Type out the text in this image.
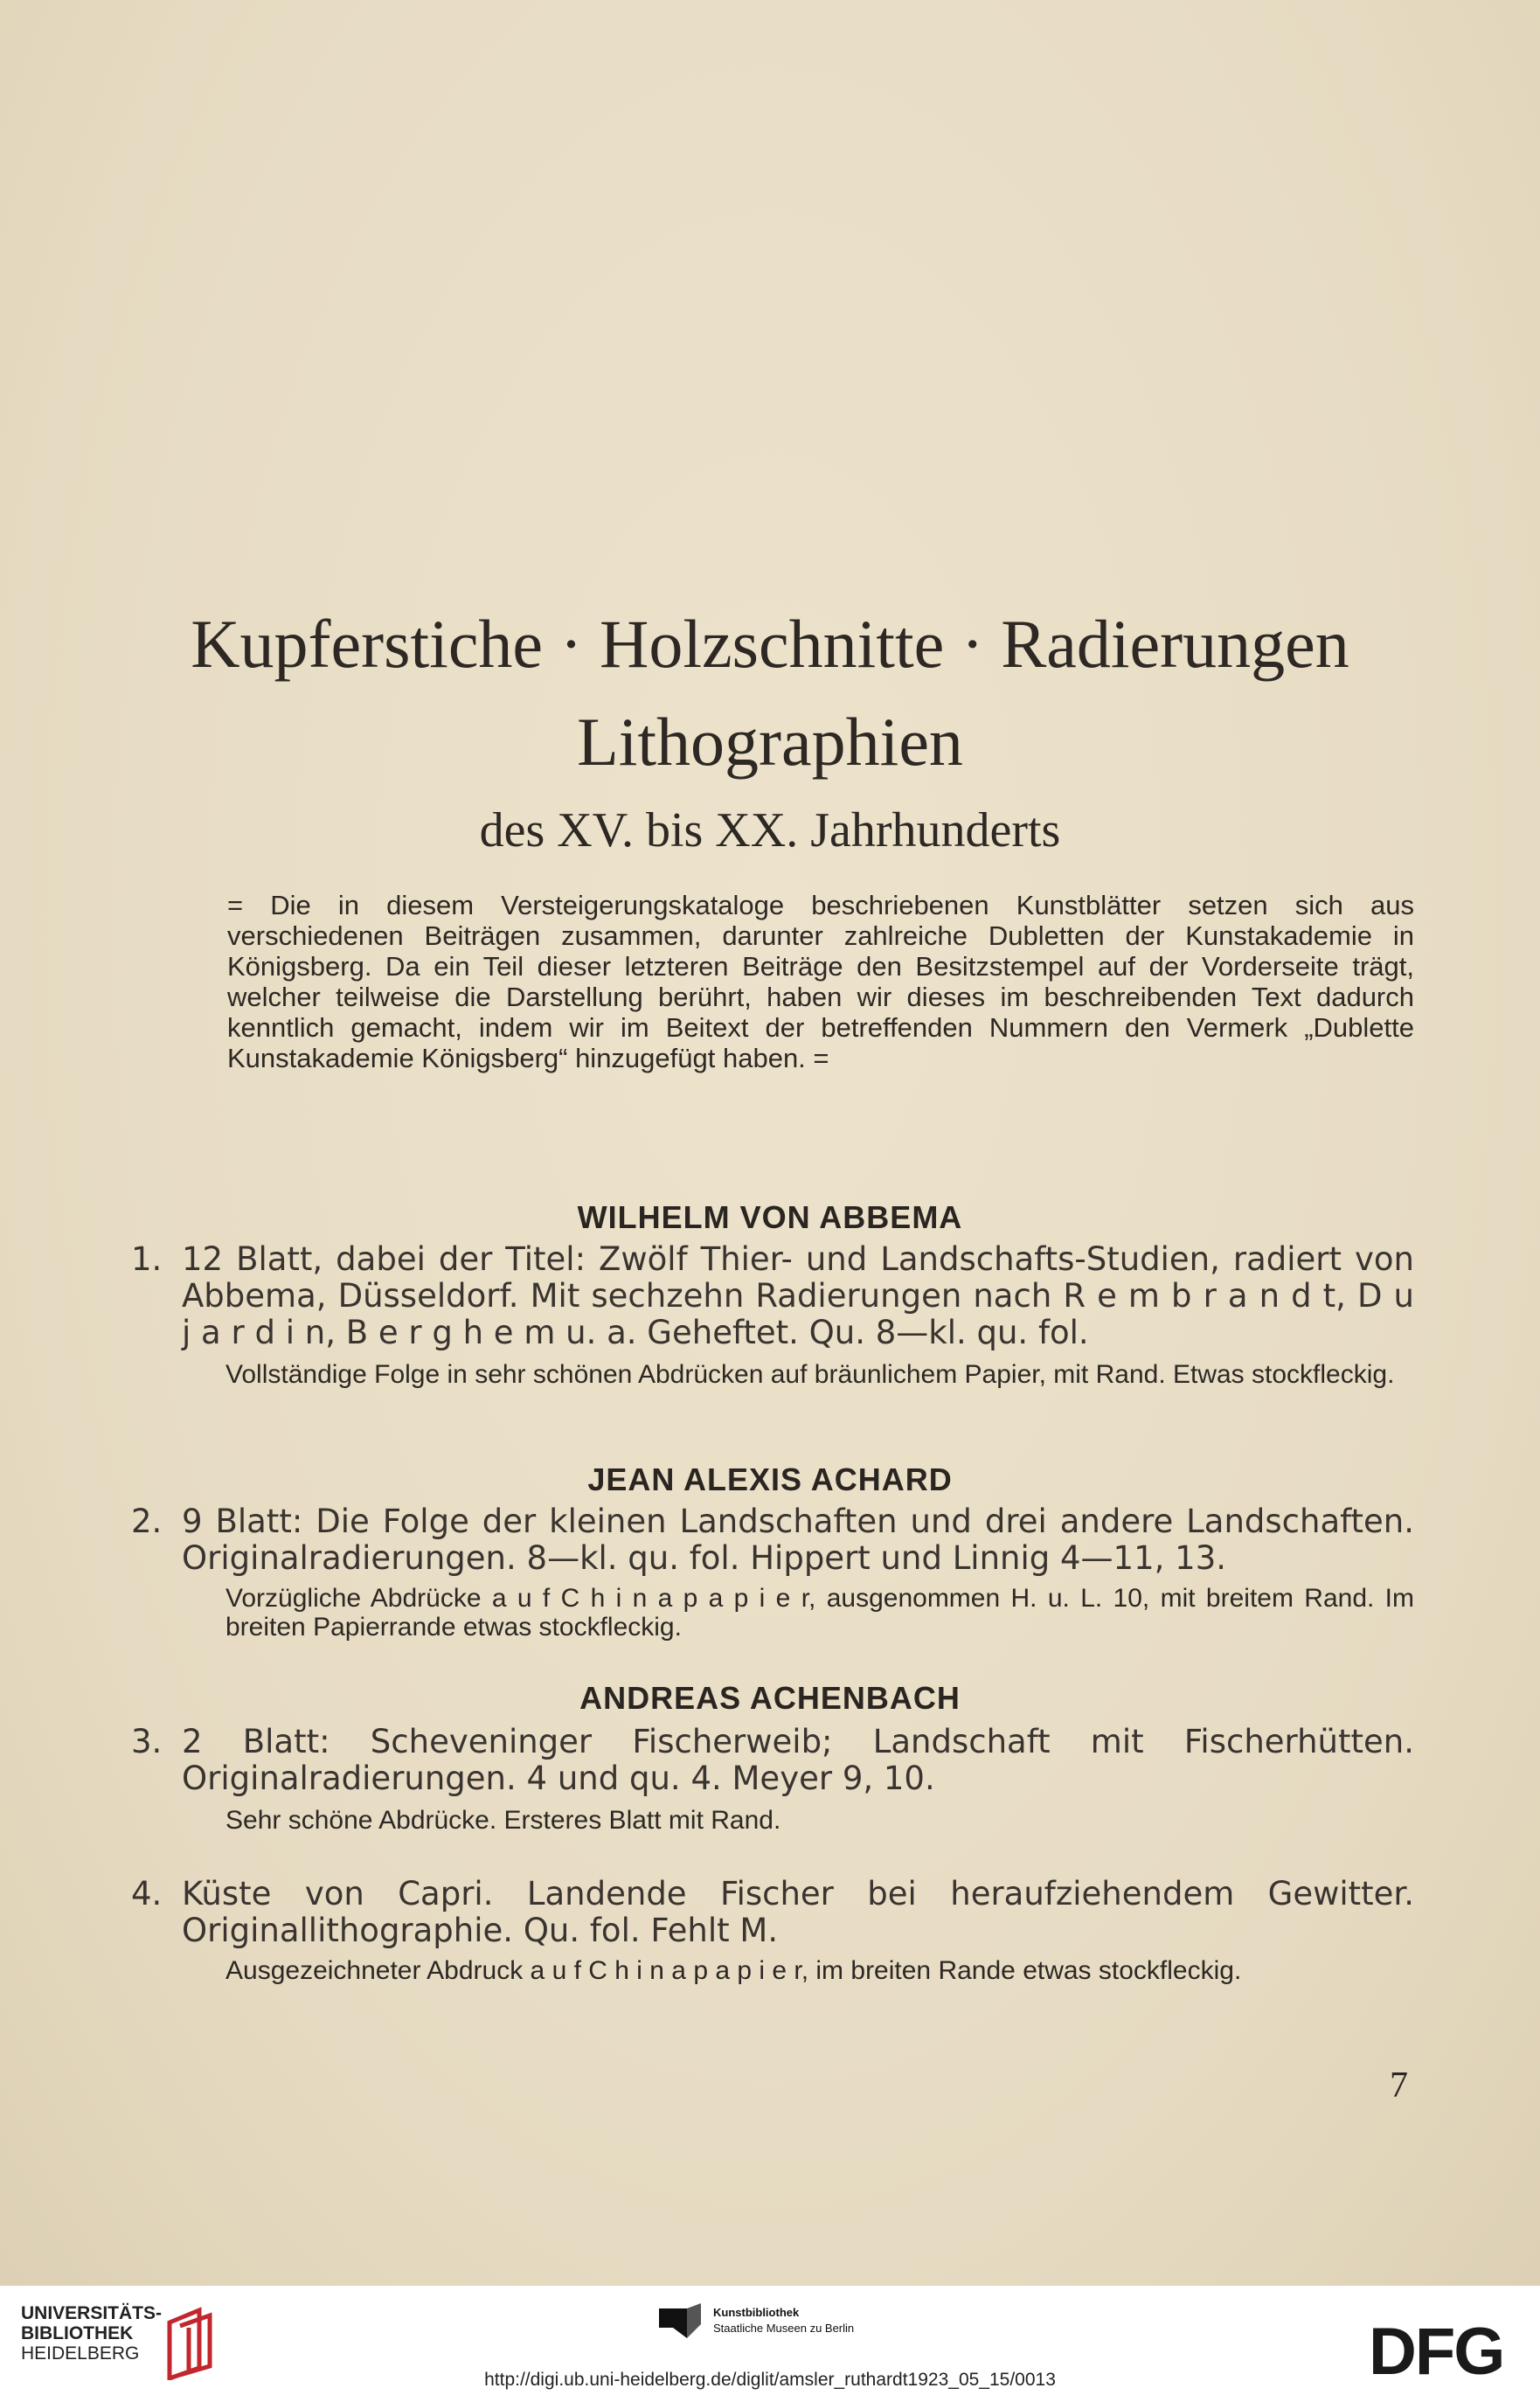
Kupferstiche · Holzschnitte · Radierungen
Lithographien
des XV. bis XX. Jahrhunderts
= Die in diesem Versteigerungskataloge beschriebenen Kunstblätter setzen sich aus verschiedenen Beiträgen zusammen, darunter zahlreiche Dubletten der Kunstakademie in Königsberg. Da ein Teil dieser letzteren Beiträge den Besitzstempel auf der Vorderseite trägt, welcher teilweise die Darstellung berührt, haben wir dieses im beschreibenden Text dadurch kenntlich gemacht, indem wir im Beitext der betreffenden Nummern den Vermerk „Dublette Kunstakademie Königsberg“ hinzugefügt haben. =
WILHELM VON ABBEMA
1. 12 Blatt, dabei der Titel: Zwölf Thier- und Landschafts-Studien, radiert von Abbema, Düsseldorf. Mit sechzehn Radierungen nach R e m b r a n d t, D u j a r d i n, B e r g h e m u. a. Geheftet. Qu. 8—kl. qu. fol.
Vollständige Folge in sehr schönen Abdrücken auf bräunlichem Papier, mit Rand. Etwas stockfleckig.
JEAN ALEXIS ACHARD
2. 9 Blatt: Die Folge der kleinen Landschaften und drei andere Landschaften. Originalradierungen. 8—kl. qu. fol. Hippert und Linnig 4—11, 13.
Vorzügliche Abdrücke a u f C h i n a p a p i e r, ausgenommen H. u. L. 10, mit breitem Rand. Im breiten Papierrande etwas stockfleckig.
ANDREAS ACHENBACH
3. 2 Blatt: Scheveninger Fischerweib; Landschaft mit Fischerhütten. Originalradierungen. 4 und qu. 4. Meyer 9, 10.
Sehr schöne Abdrücke. Ersteres Blatt mit Rand.
4. Küste von Capri. Landende Fischer bei heraufziehendem Gewitter. Originallithographie. Qu. fol. Fehlt M.
Ausgezeichneter Abdruck a u f C h i n a p a p i e r, im breiten Rande etwas stockfleckig.
7
UNIVERSITÄTS-
BIBLIOTHEK
HEIDELBERG
Kunstbibliothek
Staatliche Museen zu Berlin	DFG
http://digi.ub.uni-heidelberg.de/diglit/amsler_ruthardt1923_05_15/0013
